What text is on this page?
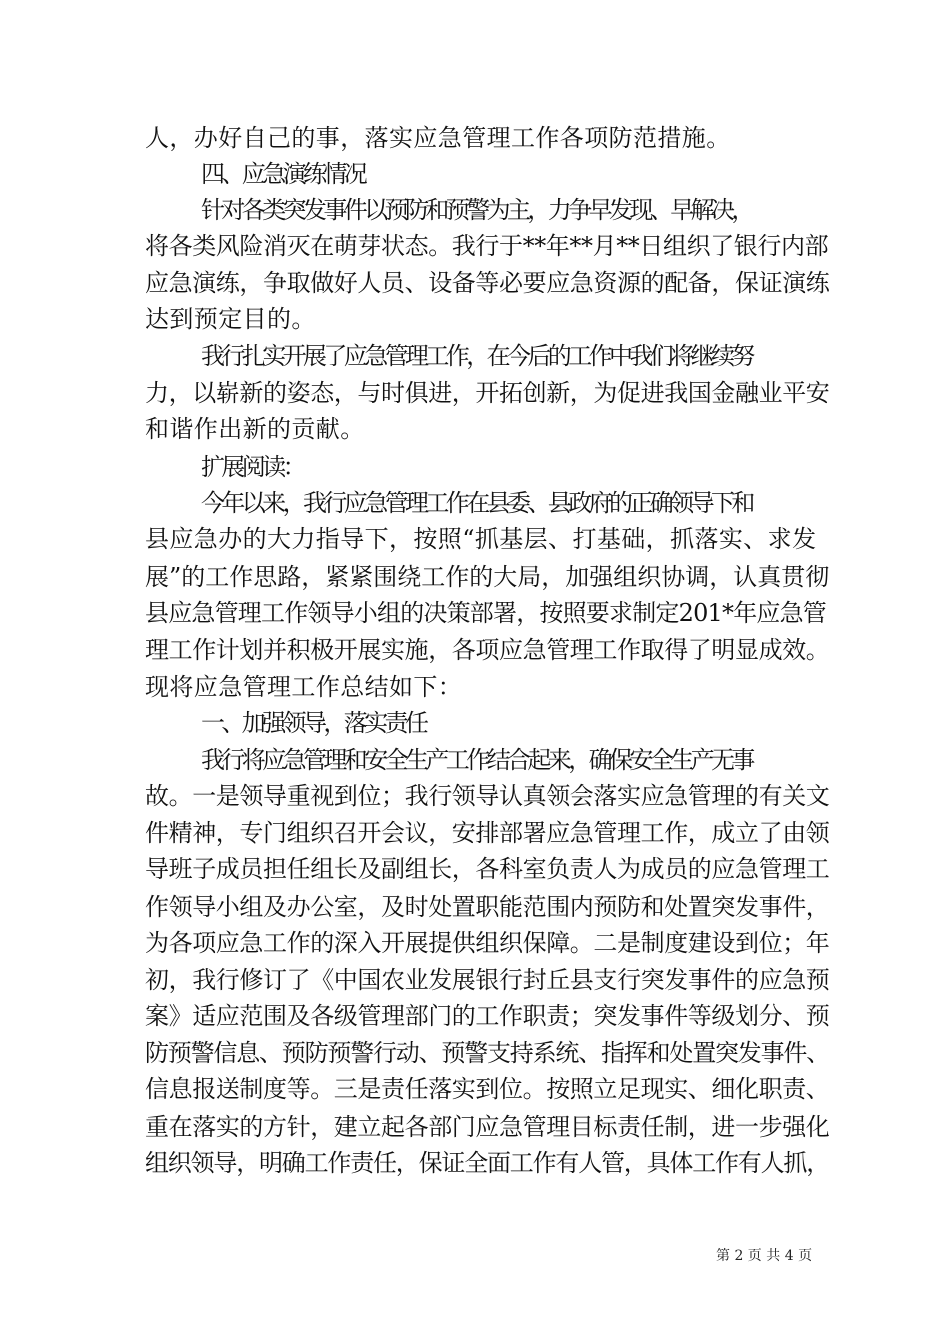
人，办好自己的事，落实应急管理工作各项防范措施。
四、应急演练情况
针对各类突发事件以预防和预警为主，力争早发现、早解决，
将各类风险消灭在萌芽状态。我行于**年**月**日组织了银行内部
应急演练，争取做好人员、设备等必要应急资源的配备，保证演练
达到预定目的。
我行扎实开展了应急管理工作，在今后的工作中我们将继续努
力，以崭新的姿态，与时俱进，开拓创新，为促进我国金融业平安
和谐作出新的贡献。
扩展阅读：
今年以来，我行应急管理工作在县委、县政府的正确领导下和
县应急办的大力指导下，按照“抓基层、打基础，抓落实、求发
展”的工作思路，紧紧围绕工作的大局，加强组织协调，认真贯彻
县应急管理工作领导小组的决策部署，按照要求制定201*年应急管
理工作计划并积极开展实施，各项应急管理工作取得了明显成效。
现将应急管理工作总结如下：
一、加强领导，落实责任
我行将应急管理和安全生产工作结合起来，确保安全生产无事
故。一是领导重视到位；我行领导认真领会落实应急管理的有关文
件精神，专门组织召开会议，安排部署应急管理工作，成立了由领
导班子成员担任组长及副组长，各科室负责人为成员的应急管理工
作领导小组及办公室，及时处置职能范围内预防和处置突发事件，
为各项应急工作的深入开展提供组织保障。二是制度建设到位；年
初，我行修订了《中国农业发展银行封丘县支行突发事件的应急预
案》适应范围及各级管理部门的工作职责；突发事件等级划分、预
防预警信息、预防预警行动、预警支持系统、指挥和处置突发事件、
信息报送制度等。三是责任落实到位。按照立足现实、细化职责、
重在落实的方针，建立起各部门应急管理目标责任制，进一步强化
组织领导，明确工作责任，保证全面工作有人管，具体工作有人抓，
第 2 页 共 4 页
